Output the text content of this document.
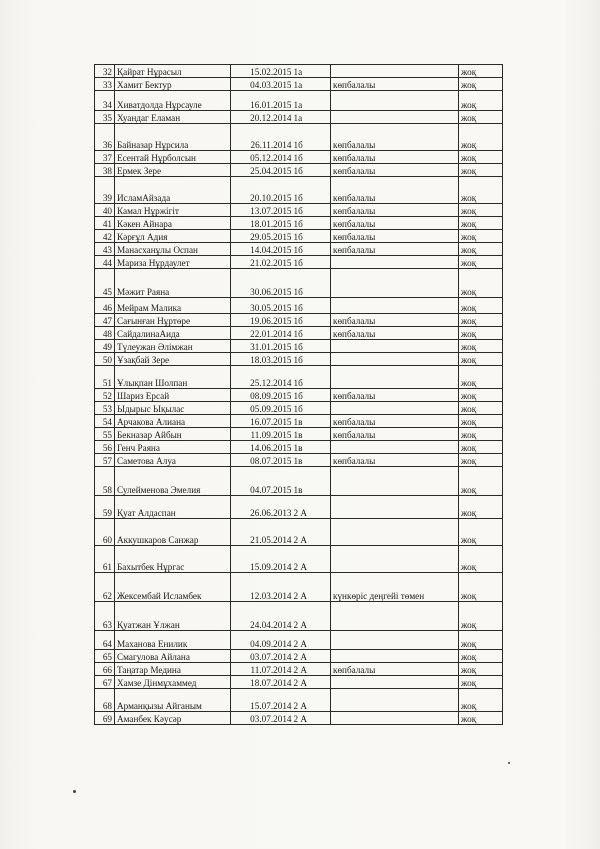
32	Қайрат Нұрасыл	15.02.2015	1а		жоқ
33	Хамит Бектур	04.03.2015	1а	көпбалалы	жоқ
34	Хиватдолда Нұрсауле	16.01.2015	1а		жоқ
35	Хуандаг Еламан	20.12.2014	1а		жоқ
36	Байназар Нұрсила	26.11.2014	1б	көпбалалы	жоқ
37	Есентай Нұрболсын	05.12.2014	1б	көпбалалы	жоқ
38	Ермек Зере	25.04.2015	1б	көпбалалы	жоқ
39	ИсламАйзада	20.10.2015	1б	көпбалалы	жоқ
40	Камал Нұржігіт	13.07.2015	1б	көпбалалы	жоқ
41	Кәкен Айнара	18.01.2015	1б	көпбалалы	жоқ
42	Кәрғұл Адия	29.05.2015	1б	көпбалалы	жоқ
43	Манасханұлы Оспан	14.04.2015	1б	көпбалалы	жоқ
44	Мариза Нұрдаулет	21.02.2015	1б		жоқ
45	Мәжит Раяна	30.06.2015	1б		жоқ
46	Мейрам Малика	30.05.2015	1б		жоқ
47	Сағынған Нұртөре	19.06.2015	1б	көпбалалы	жоқ
48	СайдалинаАида	22.01.2014	1б	көпбалалы	жоқ
49	Түлеужан Әлімжан	31.01.2015	1б		жоқ
50	Ұзақбай Зере	18.03.2015	1б		жоқ
51	Ұлықпан Шолпан	25.12.2014	1б		жоқ
52	Шариз Ерсай	08.09.2015	1б	көпбалалы	жоқ
53	Ыдырыс Ықылас	05.09.2015	1б		жоқ
54	Арчакова Алиана	16.07.2015	1в	көпбалалы	жоқ
55	Бекназар Айбын	11.09.2015	1в	көпбалалы	жоқ
56	Генч Раяна	14.06.2015	1в		жоқ
57	Саметова Алуа	08.07.2015	1в	көпбалалы	жоқ
58	Сулейменова Эмелия	04.07.2015	1в		жоқ
59	Қуат Алдаспан	26.06.2013	2 А		жоқ
60	Аккушкаров Санжар	21.05.2014	2 А		жоқ
61	Бахытбек Нұргас	15.09.2014	2 А		жоқ
62	Жексембай Исламбек	12.03.2014	2 А	күнкөріс деңгейі төмен	жоқ
63	Қуатжан Ұлжан	24.04.2014	2 А		жоқ
64	Маханова Енилик	04.09.2014	2 А		жоқ
65	Смагулова Айлана	03.07.2014	2 А		жоқ
66	Таңатар Медина	11.07.2014	2 А	көпбалалы	жоқ
67	Хамзе Дінмұхаммед	18.07.2014	2 А		жоқ
68	Арманқызы Айганым	15.07.2014	2 А		жоқ
69	Аманбек Кәусәр	03.07.2014	2 А		жоқ
